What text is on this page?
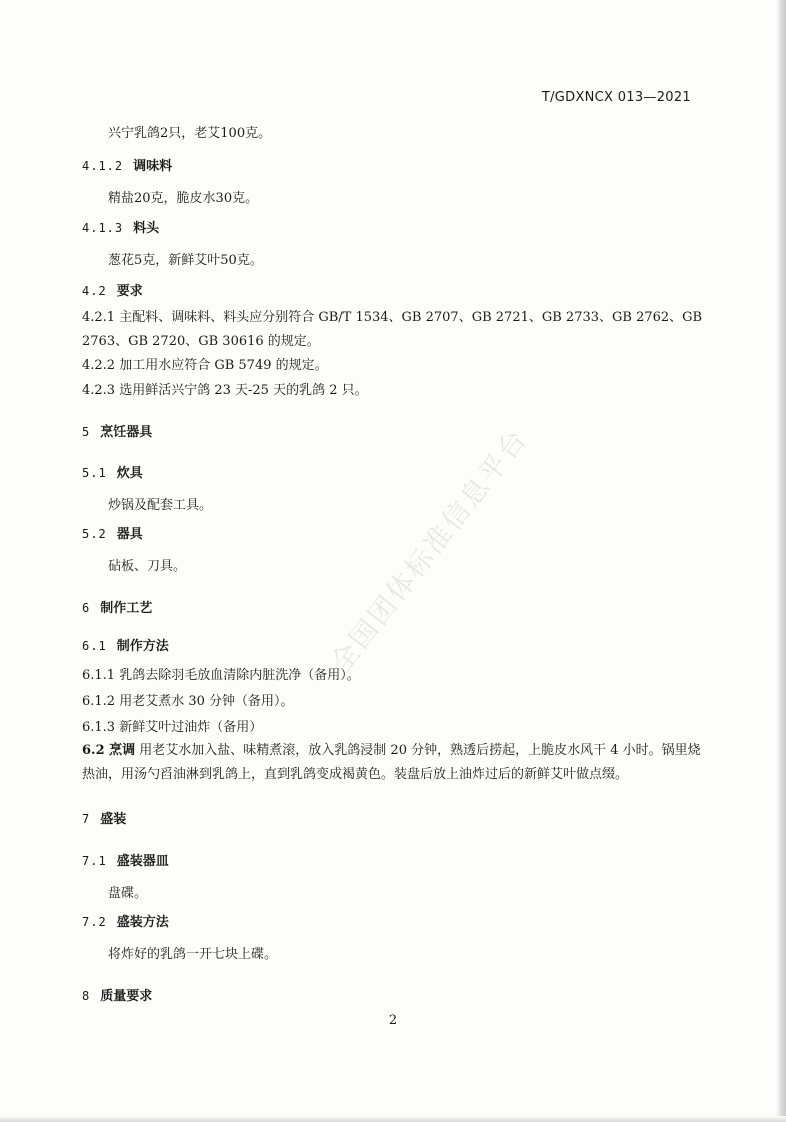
全国团体标准信息平台
T/GDXNCX 013—2021
兴宁乳鸽2只，老艾100克。
4.1.2 调味料
精盐20克，脆皮水30克。
4.1.3 料头
葱花5克，新鲜艾叶50克。
4.2 要求
4.2.1 主配料、调味料、料头应分别符合 GB/T 1534、GB 2707、GB 2721、GB 2733、GB 2762、GB 2763、GB 2720、GB 30616 的规定。
4.2.2 加工用水应符合 GB 5749 的规定。
4.2.3 选用鲜活兴宁鸽 23 天-25 天的乳鸽 2 只。
5 烹饪器具
5.1 炊具
炒锅及配套工具。
5.2 器具
砧板、刀具。
6 制作工艺
6.1 制作方法
6.1.1 乳鸽去除羽毛放血清除内脏洗净（备用）。
6.1.2 用老艾煮水 30 分钟（备用）。
6.1.3 新鲜艾叶过油炸（备用）
6.2 烹调 用老艾水加入盐、味精煮滚，放入乳鸽浸制 20 分钟，熟透后捞起，上脆皮水风干 4 小时。锅里烧热油，用汤勺舀油淋到乳鸽上，直到乳鸽变成褐黄色。装盘后放上油炸过后的新鲜艾叶做点缀。
7 盛装
7.1 盛装器皿
盘碟。
7.2 盛装方法
将炸好的乳鸽一开七块上碟。
8 质量要求
2
